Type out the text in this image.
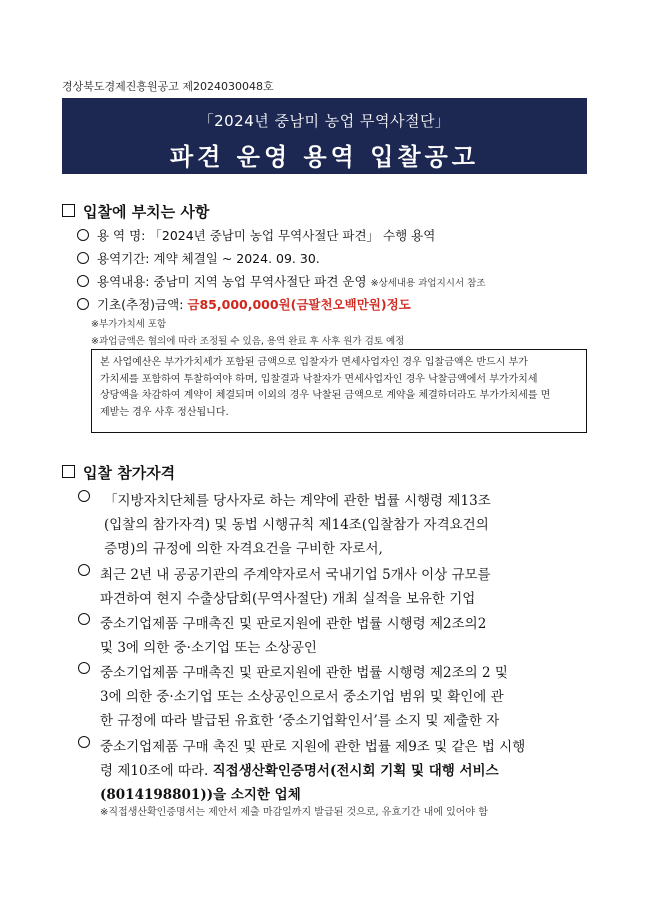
경상북도경제진흥원공고 제2024030048호
「2024년 중남미 농업 무역사절단」
파견 운영 용역 입찰공고
입찰에 부치는 사항
용 역 명: 「2024년 중남미 농업 무역사절단 파견」 수행 용역
용역기간: 계약 체결일 ~ 2024. 09. 30.
용역내용: 중남미 지역 농업 무역사절단 파견 운영 ※상세내용 과업지시서 참조
기초(추정)금액: 금85,000,000원(금팔천오백만원)정도
※부가가치세 포함
※과업금액은 협의에 따라 조정될 수 있음, 용역 완료 후 사후 원가 검토 예정
본 사업예산은 부가가치세가 포함된 금액으로 입찰자가 면세사업자인 경우 입찰금액은 반드시 부가
가치세를 포함하여 투찰하여야 하며, 입찰결과 낙찰자가 면세사업자인 경우 낙찰금액에서 부가가치세
상당액을 차감하여 계약이 체결되며 이외의 경우 낙찰된 금액으로 계약을 체결하더라도 부가가치세를 면
제받는 경우 사후 정산됩니다.
입찰 참가자격
「지방자치단체를 당사자로 하는 계약에 관한 법률 시행령 제13조
(입찰의 참가자격) 및 동법 시행규칙 제14조(입찰참가 자격요건의
증명)의 규정에 의한 자격요건을 구비한 자로서,
최근 2년 내 공공기관의 주계약자로서 국내기업 5개사 이상 규모를
파견하여 현지 수출상담회(무역사절단) 개최 실적을 보유한 기업
중소기업제품 구매촉진 및 판로지원에 관한 법률 시행령 제2조의2
및 3에 의한 중·소기업 또는 소상공인
중소기업제품 구매촉진 및 판로지원에 관한 법률 시행령 제2조의 2 및
3에 의한 중·소기업 또는 소상공인으로서 중소기업 범위 및 확인에 관
한 규정에 따라 발급된 유효한 ‘중소기업확인서’를 소지 및 제출한 자
중소기업제품 구매 촉진 및 판로 지원에 관한 법률 제9조 및 같은 법 시행
령 제10조에 따라. 직접생산확인증명서(전시회 기획 및 대행 서비스
(8014198801))을 소지한 업체
※직접생산확인증명서는 제안서 제출 마감일까지 발급된 것으로, 유효기간 내에 있어야 함
